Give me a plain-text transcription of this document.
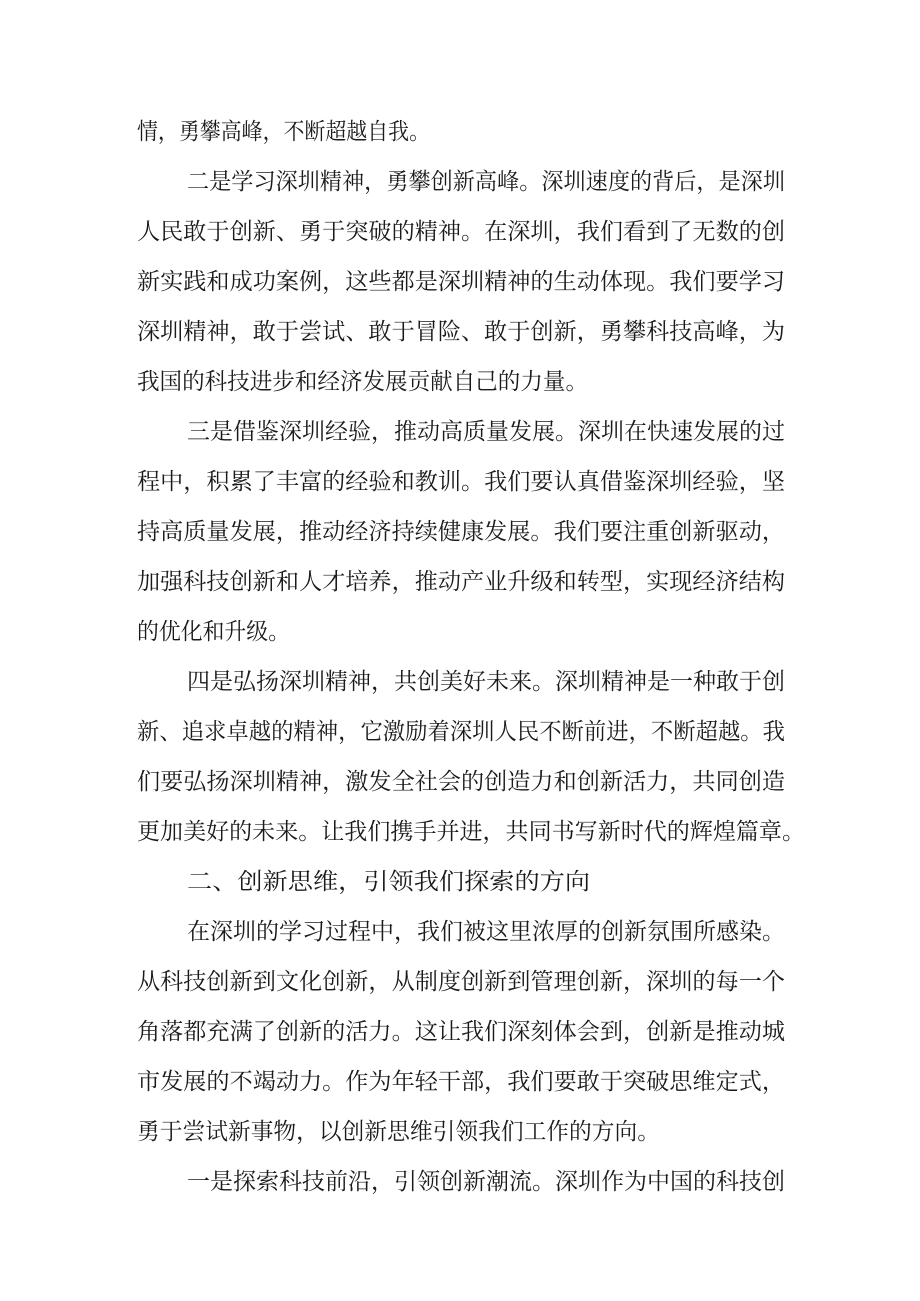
情，勇攀高峰，不断超越自我。
二是学习深圳精神，勇攀创新高峰。深圳速度的背后，是深圳
人民敢于创新、勇于突破的精神。在深圳，我们看到了无数的创
新实践和成功案例，这些都是深圳精神的生动体现。我们要学习
深圳精神，敢于尝试、敢于冒险、敢于创新，勇攀科技高峰，为
我国的科技进步和经济发展贡献自己的力量。
三是借鉴深圳经验，推动高质量发展。深圳在快速发展的过
程中，积累了丰富的经验和教训。我们要认真借鉴深圳经验，坚
持高质量发展，推动经济持续健康发展。我们要注重创新驱动，
加强科技创新和人才培养，推动产业升级和转型，实现经济结构
的优化和升级。
四是弘扬深圳精神，共创美好未来。深圳精神是一种敢于创
新、追求卓越的精神，它激励着深圳人民不断前进，不断超越。我
们要弘扬深圳精神，激发全社会的创造力和创新活力，共同创造
更加美好的未来。让我们携手并进，共同书写新时代的辉煌篇章。
二、创新思维，引领我们探索的方向
在深圳的学习过程中，我们被这里浓厚的创新氛围所感染。
从科技创新到文化创新，从制度创新到管理创新，深圳的每一个
角落都充满了创新的活力。这让我们深刻体会到，创新是推动城
市发展的不竭动力。作为年轻干部，我们要敢于突破思维定式，
勇于尝试新事物，以创新思维引领我们工作的方向。
一是探索科技前沿，引领创新潮流。深圳作为中国的科技创
